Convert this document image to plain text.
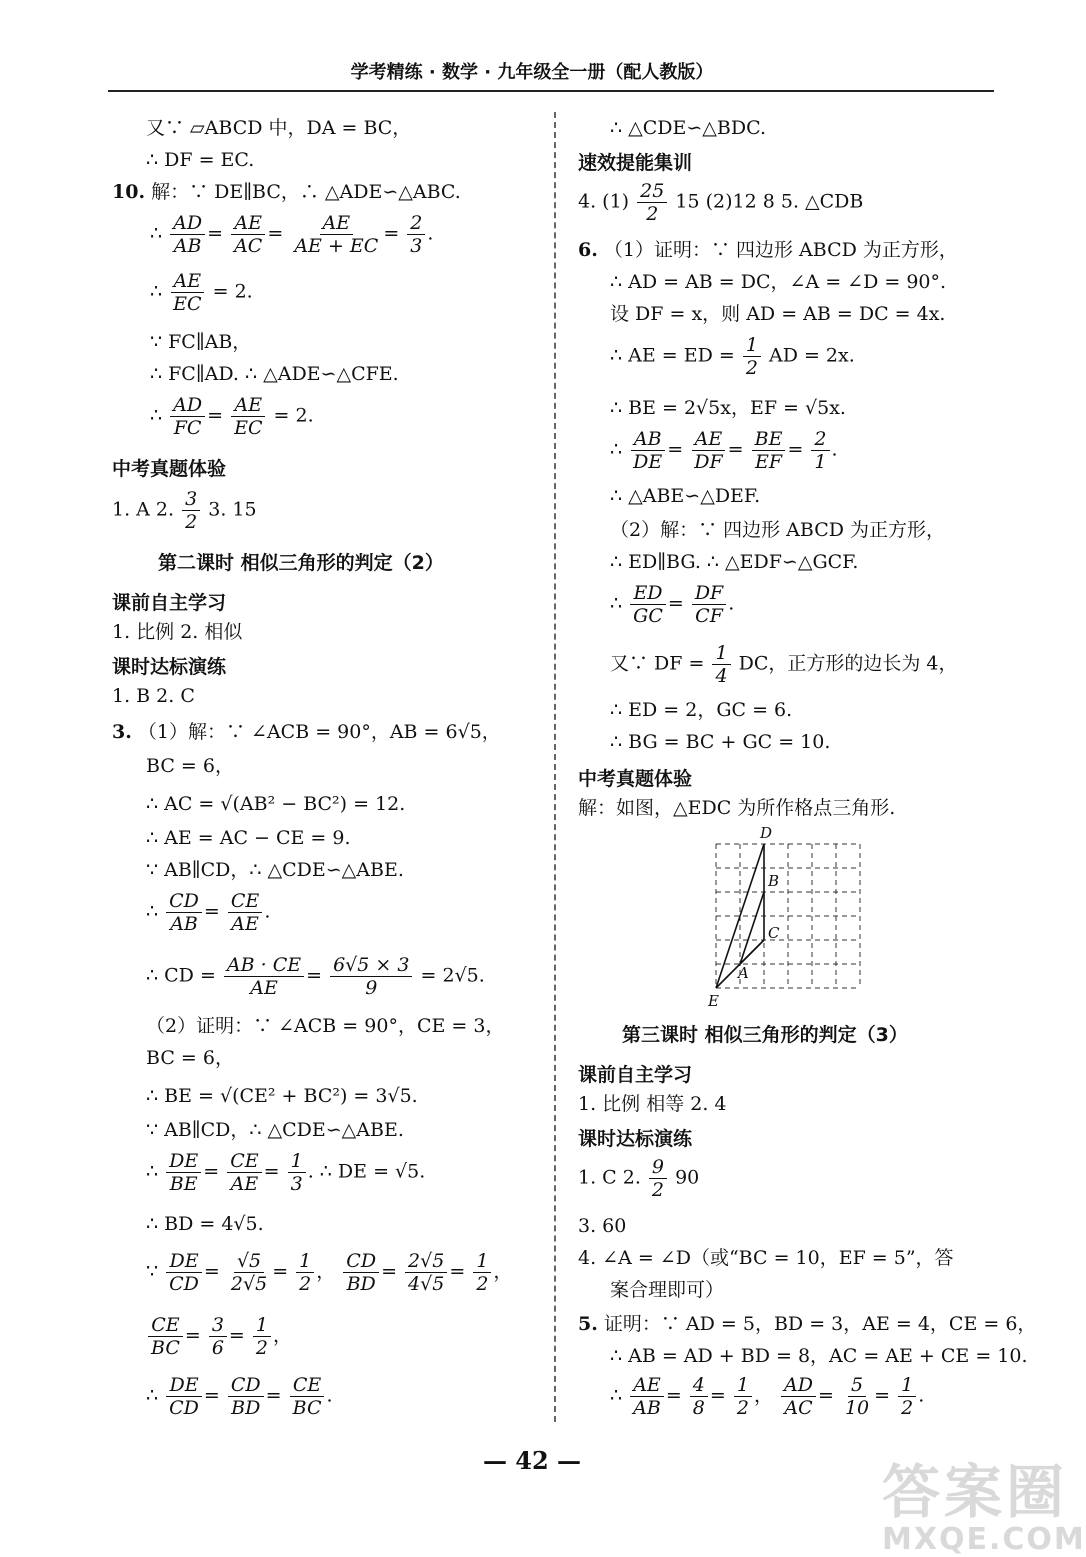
学考精练 · 数学 · 九年级全一册（配人教版）
又∵ ▱ABCD 中，DA = BC，
∴ DF = EC.
10. 解：∵ DE∥BC，∴ △ADE∽△ABC.
∴ $\frac{AD}{AB} = \frac{AE}{AC} = \frac{AE}{AE + EC} = \frac{2}{3}$ .
∴ $\frac{AE}{EC} = 2$.
∵ FC∥AB，
∴ FC∥AD. ∴ △ADE∽△CFE.
∴ $\frac{AD}{FC} = \frac{AE}{EC} = 2$.
中考真题体验
1. A 2. $\frac{3}{2} 3$. 15
第二课时 相似三角形的判定（2）
课前自主学习
1. 比例 2. 相似
课时达标演练
1. B 2. C
3. （1）解：∵ ∠ACB = 90°，AB = 6√5，
BC = 6，
∴ AC = √(AB² − BC²) = 12.
∴ AE = AC − CE = 9.
∵ AB∥CD，∴ △CDE∽△ABE.
∴ $\frac{CD}{AB} = \frac{CE}{AE}$ .
∴ CD = $\frac{AB \cdot CE}{AE} = \frac{6√5 \times 3}{9} = 2√5$.
（2）证明：∵ ∠ACB = 90°，CE = 3，
BC = 6，
∴ BE = √(CE² + BC²) = 3√5.
∵ AB∥CD，∴ △CDE∽△ABE.
∴ $\frac{DE}{BE} = \frac{CE}{AE} = \frac{1}{3}$ . ∴ DE = √5.
∴ BD = 4√5.
∵ $\frac{DE}{CD} = \frac{√5}{2√5} = \frac{1}{2}$ ， $\frac{CD}{BD} = \frac{2√5}{4√5} = \frac{1}{2}$ ，
$\frac{CE}{BC} = \frac{3}{6} = \frac{1}{2}$ ，
∴ $\frac{DE}{CD} = \frac{CD}{BD} = \frac{CE}{BC}$ .
∴ △CDE∽△BDC.
速效提能集训
4. $(1) \frac{25}{2} 15$ (2)12 8 5. △CDB
6. （1）证明：∵ 四边形 ABCD 为正方形，
∴ AD = AB = DC，∠A = ∠D = 90°.
设 DF = x，则 AD = AB = DC = 4x.
∴ AE = ED = $\frac{1}{2}$ AD = 2x.
∴ BE = 2√5x，EF = √5x.
∴ $\frac{AB}{DE} = \frac{AE}{DF} = \frac{BE}{EF} = \frac{2}{1}$ .
∴ △ABE∽△DEF.
（2）解：∵ 四边形 ABCD 为正方形，
∴ ED∥BG. ∴ △EDF∽△GCF.
∴ $\frac{ED}{GC} = \frac{DF}{CF}$ .
又∵ DF = $\frac{1}{4}$ DC，正方形的边长为 4，
∴ ED = 2，GC = 6.
∴ BG = BC + GC = 10.
中考真题体验
解：如图，△EDC 为所作格点三角形.
D
B
C
A
E
第三课时 相似三角形的判定（3）
课前自主学习
1. 比例 相等 2. 4
课时达标演练
1. C 2. $\frac{9}{2} 90$
3. 60
4. ∠A = ∠D（或“BC = 10，EF = 5”，答
案合理即可）
5. 证明：∵ AD = 5，BD = 3，AE = 4，CE = 6，
∴ AB = AD + BD = 8，AC = AE + CE = 10.
∴ $\frac{AE}{AB} = \frac{4}{8} = \frac{1}{2}$ ， $\frac{AD}{AC} = \frac{5}{10} = \frac{1}{2}$ .
— 42 —	答案圈
MXQE.COM
